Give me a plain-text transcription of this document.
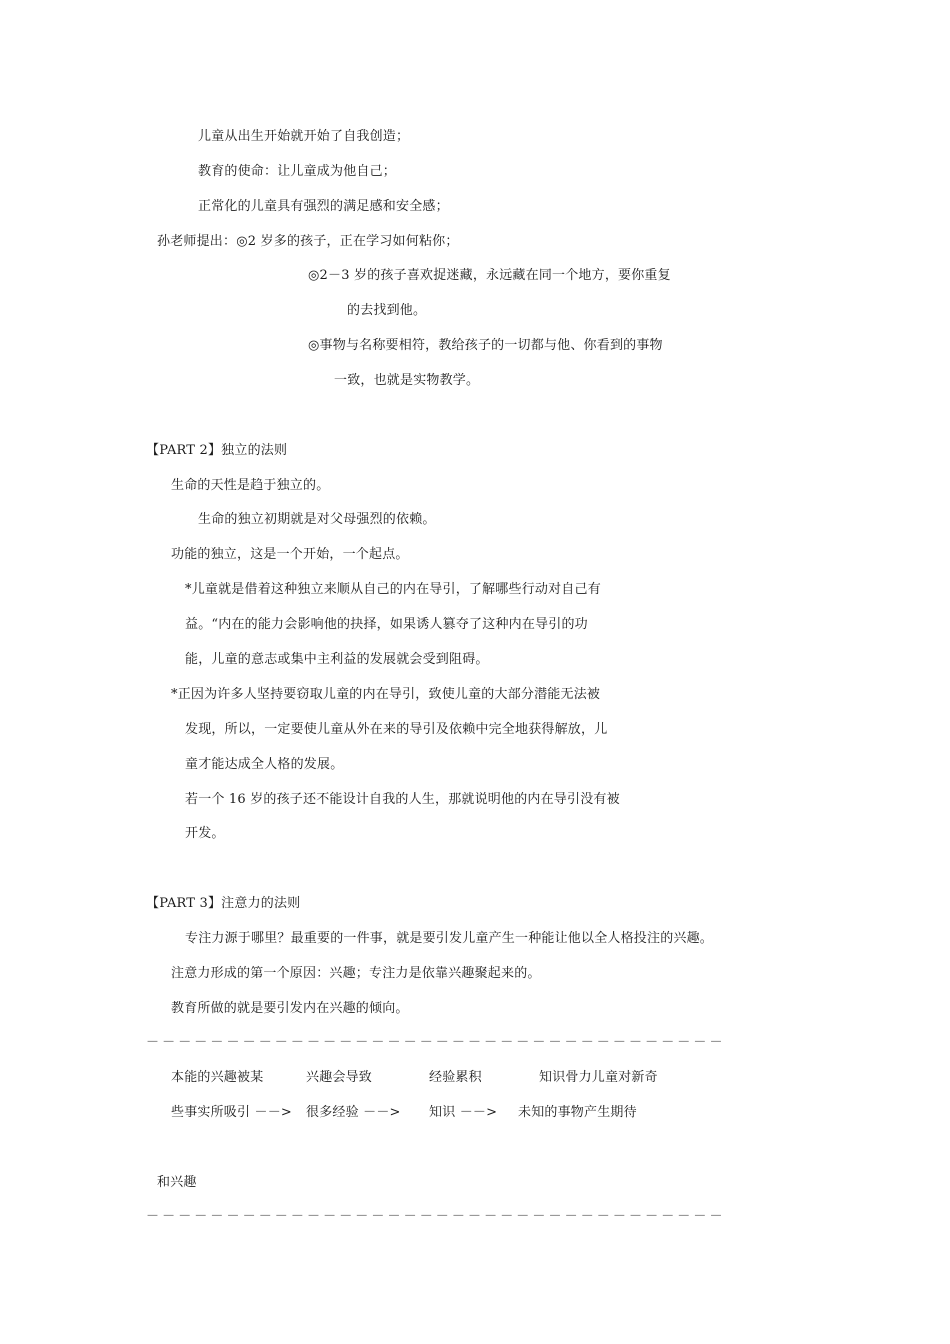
儿童从出生开始就开始了自我创造；
教育的使命：让儿童成为他自己；
正常化的儿童具有强烈的满足感和安全感；
孙老师提出：◎2 岁多的孩子，正在学习如何粘你；
◎2－3 岁的孩子喜欢捉迷藏，永远藏在同一个地方，要你重复
的去找到他。
◎事物与名称要相符，教给孩子的一切都与他、你看到的事物
一致，也就是实物教学。
【PART 2】独立的法则
生命的天性是趋于独立的。
生命的独立初期就是对父母强烈的依赖。
功能的独立，这是一个开始，一个起点。
*儿童就是借着这种独立来顺从自己的内在导引，了解哪些行动对自己有
益。“内在的能力会影响他的抉择，如果诱人篡夺了这种内在导引的功
能，儿童的意志或集中主利益的发展就会受到阻碍。
*正因为许多人坚持要窃取儿童的内在导引，致使儿童的大部分潜能无法被
发现，所以，一定要使儿童从外在来的导引及依赖中完全地获得解放，儿
童才能达成全人格的发展。
若一个 16 岁的孩子还不能设计自我的人生，那就说明他的内在导引没有被
开发。
【PART 3】注意力的法则
专注力源于哪里？最重要的一件事，就是要引发儿童产生一种能让他以全人格投注的兴趣。
注意力形成的第一个原因：兴趣；专注力是依靠兴趣聚起来的。
教育所做的就是要引发内在兴趣的倾向。
－－－－－－－－－－－－－－－－－－－－－－－－－－－－－－－－－－－－
本能的兴趣被某	兴趣会导致	经验累积	知识骨力儿童对新奇
些事实所吸引 －－> 很多经验 －－> 知识 －－> 未知的事物产生期待
和兴趣
－－－－－－－－－－－－－－－－－－－－－－－－－－－－－－－－－－－－
